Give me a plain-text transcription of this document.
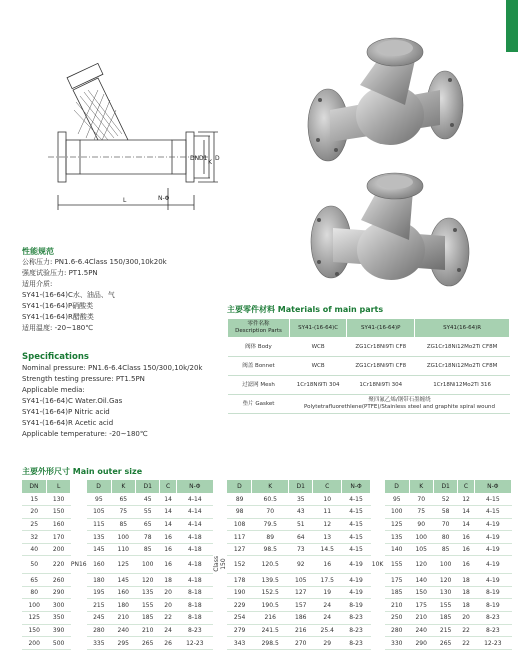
D
K
D1
DN
L	N-Φ
性能规范
公称压力: PN1.6-6.4Class 150/300,10k20k
强度试验压力: PT1.5PN
适用介质:
SY41-(16-64)C水、油品、气
SY41-(16-64)P硝酸类
SY41-(16-64)R醋酸类
适用温度: -20~180℃
Specifications
Nominal pressure: PN1.6-6.4Class 150/300,10k/20k
Strength testing pressure: PT1.5PN
Applicable media:
SY41-(16-64)C Water.Oil.Gas
SY41-(16-64)P Nitric acid
SY41-(16-64)R Acetic acid
Applicable temperature: -20~180℃
主要零件材料 Materials of main parts
零件名称
Description Parts	SY41-(16-64)C	SY41-(16-64)P	SY41(16-64)R
阀体 Body	WCB	ZG1Cr18Ni9Ti CF8	ZG1Cr18Ni12Mo2Ti CF8M
阀盖 Bonnet	WCB	ZG1Cr18Ni9Ti CF8	ZG1Cr18Ni12Mo2Ti CF8M
过滤网 Mesh	1Cr18Ni9Ti 304	1Cr18Ni9Ti 304	1Cr18Ni12Mo2Ti 316
垫片 Gasket	聚四氟乙烯/钢带石墨缠绕
Polytetrafluorethlene(PTFE)/Stainless steel and graphite spiral wound		
主要外形尺寸 Main outer size
DN	L		D	K	D1	C	N-Φ		D	K	D1	C	N-Φ		D	K	D1	C	N-Φ
15	130		95	65	45	14	4-14		89	60.5	35	10	4-15		95	70	52	12	4-15
20	150		105	75	55	14	4-14		98	70	43	11	4-15		100	75	58	14	4-15
25	160		115	85	65	14	4-14		108	79.5	51	12	4-15		125	90	70	14	4-19
32	170		135	100	78	16	4-18		117	89	64	13	4-15		135	100	80	16	4-19
40	200		145	110	85	16	4-18		127	98.5	73	14.5	4-15		140	105	85	16	4-19
50	220	PN16	160	125	100	16	4-18	Class 150	152	120.5	92	16	4-19	10K	155	120	100	16	4-19
65	260		180	145	120	18	4-18		178	139.5	105	17.5	4-19		175	140	120	18	4-19
80	290		195	160	135	20	8-18		190	152.5	127	19	4-19		185	150	130	18	8-19
100	300		215	180	155	20	8-18		229	190.5	157	24	8-19		210	175	155	18	8-19
125	350		245	210	185	22	8-18		254	216	186	24	8-23		250	210	185	20	8-23
150	390		280	240	210	24	8-23		279	241.5	216	25.4	8-23		280	240	215	22	8-23
200	500		335	295	265	26	12-23		343	298.5	270	29	8-23		330	290	265	22	12-23
